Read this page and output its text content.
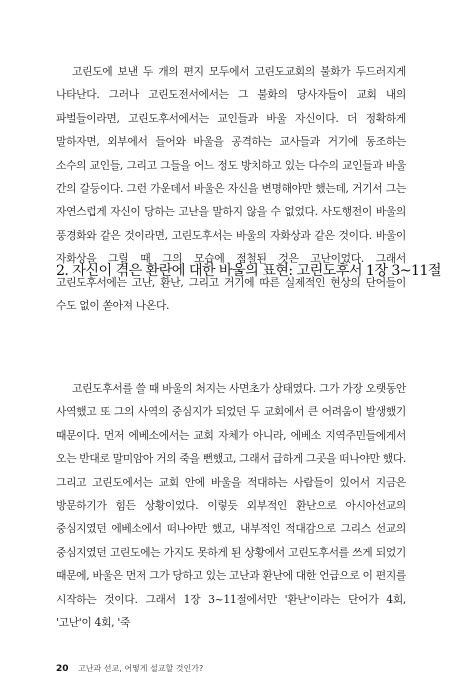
고린도에 보낸 두 개의 편지 모두에서 고린도교회의 불화가 두드러지게 나타난다. 그러나 고린도전서에서는 그 불화의 당사자들이 교회 내의 파벌들이라면, 고린도후서에서는 교인들과 바울 자신이다. 더 정확하게 말하자면, 외부에서 들어와 바울을 공격하는 교사들과 거기에 동조하는 소수의 교인들, 그리고 그들을 어느 정도 방치하고 있는 다수의 교인들과 바울 간의 갈등이다. 그런 가운데서 바울은 자신을 변명해야만 했는데, 거기서 그는 자연스럽게 자신이 당하는 고난을 말하지 않을 수 없었다. 사도행전이 바울의 풍경화와 같은 것이라면, 고린도후서는 바울의 자화상과 같은 것이다. 바울이 자화상을 그릴 때 그의 모습에 점철된 것은 고난이었다. 그래서 고린도후서에는 고난, 환난, 그리고 거기에 따른 실제적인 현상의 단어들이 수도 없이 쏟아져 나온다.

2. 자신이 겪은 환란에 대한 바울의 표현: 고린도후서 1장 3~11절

고린도후서를 쓸 때 바울의 처지는 사면초가 상태였다. 그가 가장 오랫동안 사역했고 또 그의 사역의 중심지가 되었던 두 교회에서 큰 어려움이 발생했기 때문이다. 먼저 에베소에서는 교회 자체가 아니라, 에베소 지역주민들에게서 오는 반대로 말미암아 거의 죽을 뻔했고, 그래서 급하게 그곳을 떠나야만 했다. 그리고 고린도에서는 교회 안에 바울을 적대하는 사람들이 있어서 지금은 방문하기가 힘든 상황이었다. 이렇듯 외부적인 환난으로 아시아선교의 중심지였던 에베소에서 떠나야만 했고, 내부적인 적대감으로 그리스 선교의 중심지였던 고린도에는 가지도 못하게 된 상황에서 고린도후서를 쓰게 되었기 때문에, 바울은 먼저 그가 당하고 있는 고난과 환난에 대한 언급으로 이 편지를 시작하는 것이다. 그래서 1장 3~11절에서만 '환난'이라는 단어가 4회, '고난'이 4회, '죽

20 고난과 선교, 어떻게 설교할 것인가?
